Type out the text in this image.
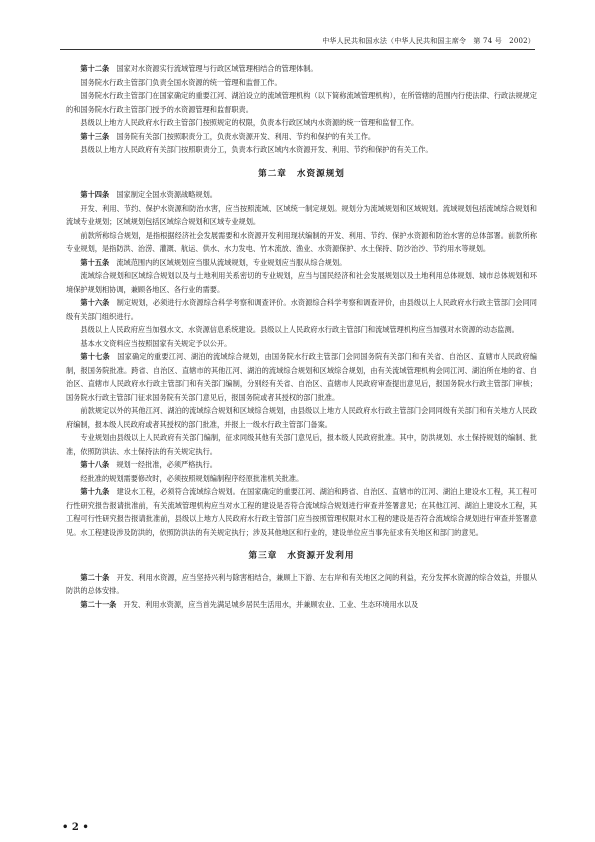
中华人民共和国水法（中华人民共和国主席令　第 74 号　2002）

第十二条　国家对水资源实行流域管理与行政区域管理相结合的管理体制。

国务院水行政主管部门负责全国水资源的统一管理和监督工作。

国务院水行政主管部门在国家确定的重要江河、湖泊设立的流域管理机构（以下简称流域管理机构），在所管辖的范围内行使法律、行政法规规定的和国务院水行政主管部门授予的水资源管理和监督职责。

县级以上地方人民政府水行政主管部门按照规定的权限，负责本行政区域内水资源的统一管理和监督工作。

第十三条　国务院有关部门按照职责分工，负责水资源开发、利用、节约和保护的有关工作。

县级以上地方人民政府有关部门按照职责分工，负责本行政区域内水资源开发、利用、节约和保护的有关工作。

第二章 水资源规划

第十四条　国家制定全国水资源战略规划。

开发、利用、节约、保护水资源和防治水害，应当按照流域、区域统一制定规划。规划分为流域规划和区域规划。流域规划包括流域综合规划和流域专业规划；区域规划包括区域综合规划和区域专业规划。

前款所称综合规划，是指根据经济社会发展需要和水资源开发利用现状编制的开发、利用、节约、保护水资源和防治水害的总体部署。前款所称专业规划，是指防洪、治涝、灌溉、航运、供水、水力发电、竹木流放、渔业、水资源保护、水土保持、防沙治沙、节约用水等规划。

第十五条　流域范围内的区域规划应当服从流域规划，专业规划应当服从综合规划。

流域综合规划和区域综合规划以及与土地利用关系密切的专业规划，应当与国民经济和社会发展规划以及土地利用总体规划、城市总体规划和环境保护规划相协调，兼顾各地区、各行业的需要。

第十六条　制定规划，必须进行水资源综合科学考察和调查评价。水资源综合科学考察和调查评价，由县级以上人民政府水行政主管部门会同同级有关部门组织进行。

县级以上人民政府应当加强水文、水资源信息系统建设。县级以上人民政府水行政主管部门和流域管理机构应当加强对水资源的动态监测。

基本水文资料应当按照国家有关规定予以公开。

第十七条　国家确定的重要江河、湖泊的流域综合规划，由国务院水行政主管部门会同国务院有关部门和有关省、自治区、直辖市人民政府编制，报国务院批准。跨省、自治区、直辖市的其他江河、湖泊的流域综合规划和区域综合规划，由有关流域管理机构会同江河、湖泊所在地的省、自治区、直辖市人民政府水行政主管部门和有关部门编制，分别经有关省、自治区、直辖市人民政府审查提出意见后，报国务院水行政主管部门审核；国务院水行政主管部门征求国务院有关部门意见后，报国务院或者其授权的部门批准。

前款规定以外的其他江河、湖泊的流域综合规划和区域综合规划，由县级以上地方人民政府水行政主管部门会同同级有关部门和有关地方人民政府编制，报本级人民政府或者其授权的部门批准，并报上一级水行政主管部门备案。

专业规划由县级以上人民政府有关部门编制，征求同级其他有关部门意见后，报本级人民政府批准。其中，防洪规划、水土保持规划的编制、批准，依照防洪法、水土保持法的有关规定执行。

第十八条　规划一经批准，必须严格执行。

经批准的规划需要修改时，必须按照规划编制程序经原批准机关批准。

第十九条　建设水工程，必须符合流域综合规划。在国家确定的重要江河、湖泊和跨省、自治区、直辖市的江河、湖泊上建设水工程，其工程可行性研究报告报请批准前，有关流域管理机构应当对水工程的建设是否符合流域综合规划进行审查并签署意见；在其他江河、湖泊上建设水工程，其工程可行性研究报告报请批准前，县级以上地方人民政府水行政主管部门应当按照管理权限对水工程的建设是否符合流域综合规划进行审查并签署意见。水工程建设涉及防洪的，依照防洪法的有关规定执行；涉及其他地区和行业的，建设单位应当事先征求有关地区和部门的意见。

第三章 水资源开发利用

第二十条　开发、利用水资源，应当坚持兴利与除害相结合，兼顾上下游、左右岸和有关地区之间的利益，充分发挥水资源的综合效益，并服从防洪的总体安排。

第二十一条　开发、利用水资源，应当首先满足城乡居民生活用水，并兼顾农业、工业、生态环境用水以及

• 2 •
